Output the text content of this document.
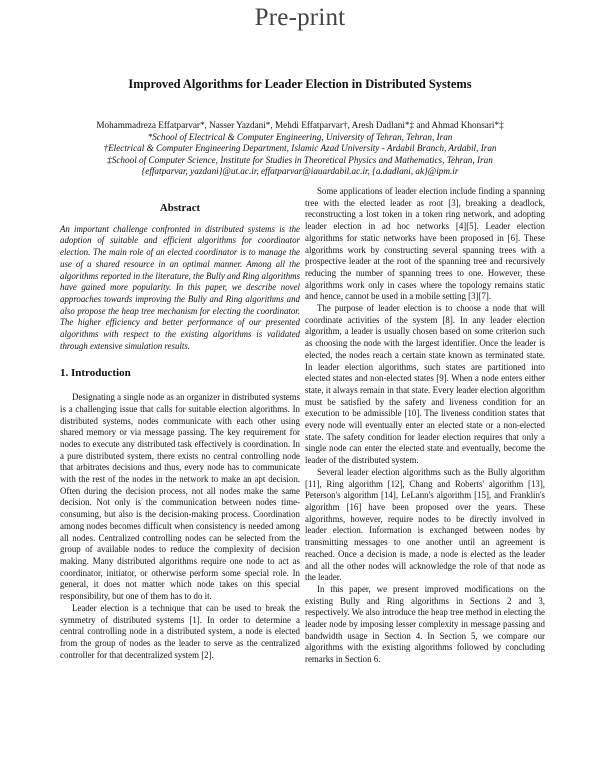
Pre-print
Improved Algorithms for Leader Election in Distributed Systems
Mohammadreza Effatparvar*, Nasser Yazdani*, Mehdi Effatparvar†, Aresh Dadlani*‡ and Ahmad Khonsari*‡
*School of Electrical & Computer Engineering, University of Tehran, Tehran, Iran
†Electrical & Computer Engineering Department, Islamic Azad University - Ardabil Branch, Ardabil, Iran
‡School of Computer Science, Institute for Studies in Theoretical Physics and Mathematics, Tehran, Iran
{effatparvar, yazdani}@ut.ac.ir, effatparvar@iauardabil.ac.ir, {a.dadlani, ak}@ipm.ir
Abstract

An important challenge confronted in distributed systems is the adoption of suitable and efficient algorithms for coordinator election. The main role of an elected coordinator is to manage the use of a shared resource in an optimal manner. Among all the algorithms reported in the literature, the Bully and Ring algorithms have gained more popularity. In this paper, we describe novel approaches towards improving the Bully and Ring algorithms and also propose the heap tree mechanism for electing the coordinator. The higher efficiency and better performance of our presented algorithms with respect to the existing algorithms is validated through extensive simulation results.

1. Introduction

Designating a single node as an organizer in distributed systems is a challenging issue that calls for suitable election algorithms. In distributed systems, nodes communicate with each other using shared memory or via message passing. The key requirement for nodes to execute any distributed task effectively is coordination. In a pure distributed system, there exists no central controlling node that arbitrates decisions and thus, every node has to communicate with the rest of the nodes in the network to make an apt decision. Often during the decision process, not all nodes make the same decision. Not only is the communication between nodes time-consuming, but also is the decision-making process. Coordination among nodes becomes difficult when consistency is needed among all nodes. Centralized controlling nodes can be selected from the group of available nodes to reduce the complexity of decision making. Many distributed algorithms require one node to act as coordinator, initiator, or otherwise perform some special role. In general, it does not matter which node takes on this special responsibility, but one of them has to do it.

Leader election is a technique that can be used to break the symmetry of distributed systems [1]. In order to determine a central controlling node in a distributed system, a node is elected from the group of nodes as the leader to serve as the centralized controller for that decentralized system [2].

Some applications of leader election include finding a spanning tree with the elected leader as root [3], breaking a deadlock, reconstructing a lost token in a token ring network, and adopting leader election in ad hoc networks [4][5]. Leader election algorithms for static networks have been proposed in [6]. These algorithms work by constructing several spanning trees with a prospective leader at the root of the spanning tree and recursively reducing the number of spanning trees to one. However, these algorithms work only in cases where the topology remains static and hence, cannot be used in a mobile setting [3][7].

The purpose of leader election is to choose a node that will coordinate activities of the system [8]. In any leader election algorithm, a leader is usually chosen based on some criterion such as choosing the node with the largest identifier. Once the leader is elected, the nodes reach a certain state known as terminated state. In leader election algorithms, such states are partitioned into elected states and non-elected states [9]. When a node enters either state, it always remain in that state. Every leader election algorithm must be satisfied by the safety and liveness condition for an execution to be admissible [10]. The liveness condition states that every node will eventually enter an elected state or a non-elected state. The safety condition for leader election requires that only a single node can enter the elected state and eventually, become the leader of the distributed system.

Several leader election algorithms such as the Bully algorithm [11], Ring algorithm [12], Chang and Roberts' algorithm [13], Peterson's algorithm [14], LeLann's algorithm [15], and Franklin's algorithm [16] have been proposed over the years. These algorithms, however, require nodes to be directly involved in leader election. Information is exchanged between nodes by transmitting messages to one another until an agreement is reached. Once a decision is made, a node is elected as the leader and all the other nodes will acknowledge the role of that node as the leader.

In this paper, we present improved modifications on the existing Bully and Ring algorithms in Sections 2 and 3, respectively. We also introduce the heap tree method in electing the leader node by imposing lesser complexity in message passing and bandwidth usage in Section 4. In Section 5, we compare our algorithms with the existing algorithms followed by concluding remarks in Section 6.
